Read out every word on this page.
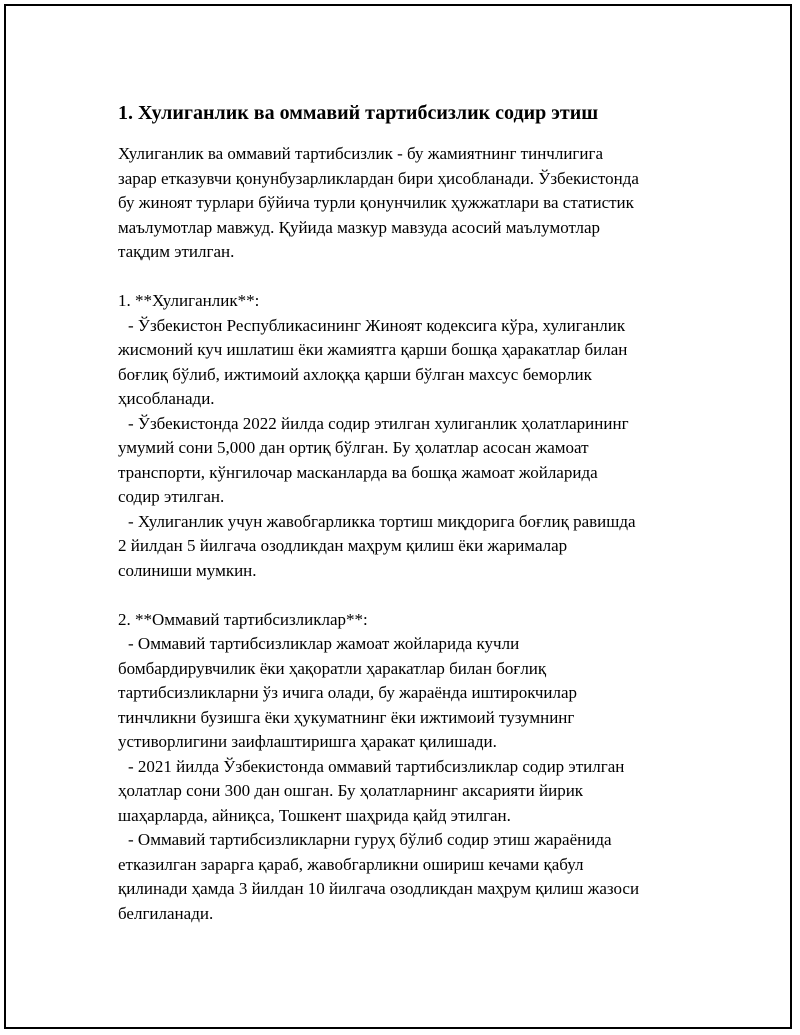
1. Хулиганлик ва оммавий тартибсизлик содир этиш

Хулиганлик ва оммавий тартибсизлик - бу жамиятнинг тинчлигига

зарар етказувчи қонунбузарликлардан бири ҳисобланади. Ўзбекистонда

бу жиноят турлари бўйича турли қонунчилик ҳужжатлари ва статистик

маълумотлар мавжуд. Қуйида мазкур мавзуда асосий маълумотлар

тақдим этилган.

1. **Хулиганлик**:

- Ўзбекистон Республикасининг Жиноят кодексига кўра, хулиганлик

жисмоний куч ишлатиш ёки жамиятга қарши бошқа ҳаракатлар билан

боғлиқ бўлиб, ижтимоий ахлоққа қарши бўлган махсус беморлик

ҳисобланади.

- Ўзбекистонда 2022 йилда содир этилган хулиганлик ҳолатларининг

умумий сони 5,000 дан ортиқ бўлган. Бу ҳолатлар асосан жамоат

транспорти, кўнгилочар масканларда ва бошқа жамоат жойларида

содир этилган.

- Хулиганлик учун жавобгарликка тортиш миқдорига боғлиқ равишда

2 йилдан 5 йилгача озодликдан маҳрум қилиш ёки жарималар

солиниши мумкин.

2. **Оммавий тартибсизликлар**:

- Оммавий тартибсизликлар жамоат жойларида кучли

бомбардирувчилик ёки ҳақоратли ҳаракатлар билан боғлиқ

тартибсизликларни ўз ичига олади, бу жараёнда иштирокчилар

тинчликни бузишга ёки ҳукуматнинг ёки ижтимоий тузумнинг

устиворлигини заифлаштиришга ҳаракат қилишади.

- 2021 йилда Ўзбекистонда оммавий тартибсизликлар содир этилган

ҳолатлар сони 300 дан ошган. Бу ҳолатларнинг аксарияти йирик

шаҳарларда, айниқса, Тошкент шаҳрида қайд этилган.

- Оммавий тартибсизликларни гуруҳ бўлиб содир этиш жараёнида

етказилган зарарга қараб, жавобгарликни ошириш кечами қабул

қилинади ҳамда 3 йилдан 10 йилгача озодликдан маҳрум қилиш жазоси

белгиланади.
